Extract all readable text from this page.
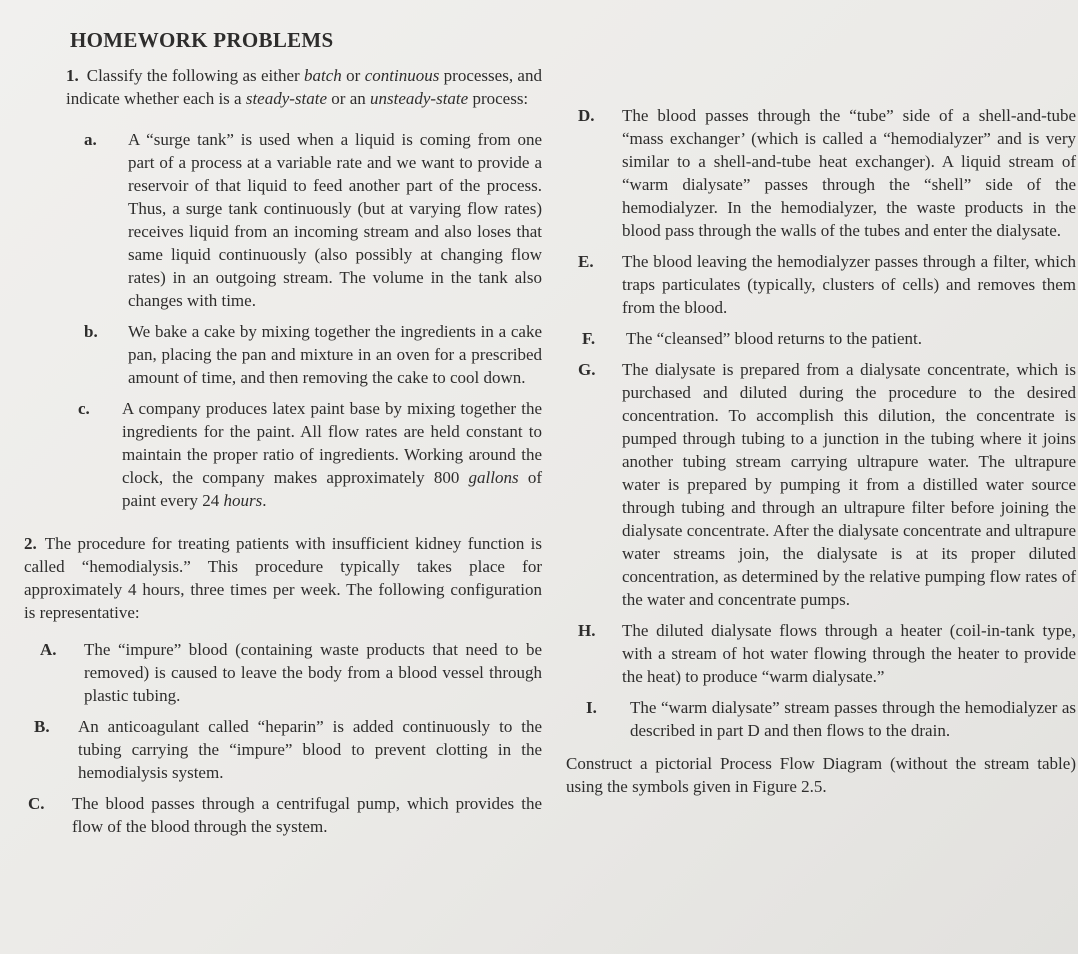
HOMEWORK PROBLEMS

1. Classify the following as either batch or continuous processes, and indicate whether each is a steady-state or an unsteady-state process:

a. A “surge tank” is used when a liquid is coming from one part of a process at a variable rate and we want to provide a reservoir of that liquid to feed another part of the process. Thus, a surge tank continuously (but at varying flow rates) receives liquid from an incoming stream and also loses that same liquid continuously (also possibly at changing flow rates) in an outgoing stream. The volume in the tank also changes with time.

b. We bake a cake by mixing together the ingredients in a cake pan, placing the pan and mixture in an oven for a prescribed amount of time, and then removing the cake to cool down.

c. A company produces latex paint base by mixing together the ingredients for the paint. All flow rates are held constant to maintain the proper ratio of ingredients. Working around the clock, the company makes approximately 800 gallons of paint every 24 hours.

2. The procedure for treating patients with insufficient kidney function is called “hemodialysis.” This procedure typically takes place for approximately 4 hours, three times per week. The following configuration is representative:

A. The “impure” blood (containing waste products that need to be removed) is caused to leave the body from a blood vessel through plastic tubing.

B. An anticoagulant called “heparin” is added continuously to the tubing carrying the “impure” blood to prevent clotting in the hemodialysis system.

C. The blood passes through a centrifugal pump, which provides the flow of the blood through the system.

D. The blood passes through the “tube” side of a shell-and-tube “mass exchanger’ (which is called a “hemodialyzer” and is very similar to a shell-and-tube heat exchanger). A liquid stream of “warm dialysate” passes through the “shell” side of the hemodialyzer. In the hemodialyzer, the waste products in the blood pass through the walls of the tubes and enter the dialysate.

E. The blood leaving the hemodialyzer passes through a filter, which traps particulates (typically, clusters of cells) and removes them from the blood.

F. The “cleansed” blood returns to the patient.

G. The dialysate is prepared from a dialysate concentrate, which is purchased and diluted during the procedure to the desired concentration. To accomplish this dilution, the concentrate is pumped through tubing to a junction in the tubing where it joins another tubing stream carrying ultrapure water. The ultrapure water is prepared by pumping it from a distilled water source through tubing and through an ultrapure filter before joining the dialysate concentrate. After the dialysate concentrate and ultrapure water streams join, the dialysate is at its proper diluted concentration, as determined by the relative pumping flow rates of the water and concentrate pumps.

H. The diluted dialysate flows through a heater (coil-in-tank type, with a stream of hot water flowing through the heater to provide the heat) to produce “warm dialysate.”

I. The “warm dialysate” stream passes through the hemodialyzer as described in part D and then flows to the drain.

Construct a pictorial Process Flow Diagram (without the stream table) using the symbols given in Figure 2.5.
